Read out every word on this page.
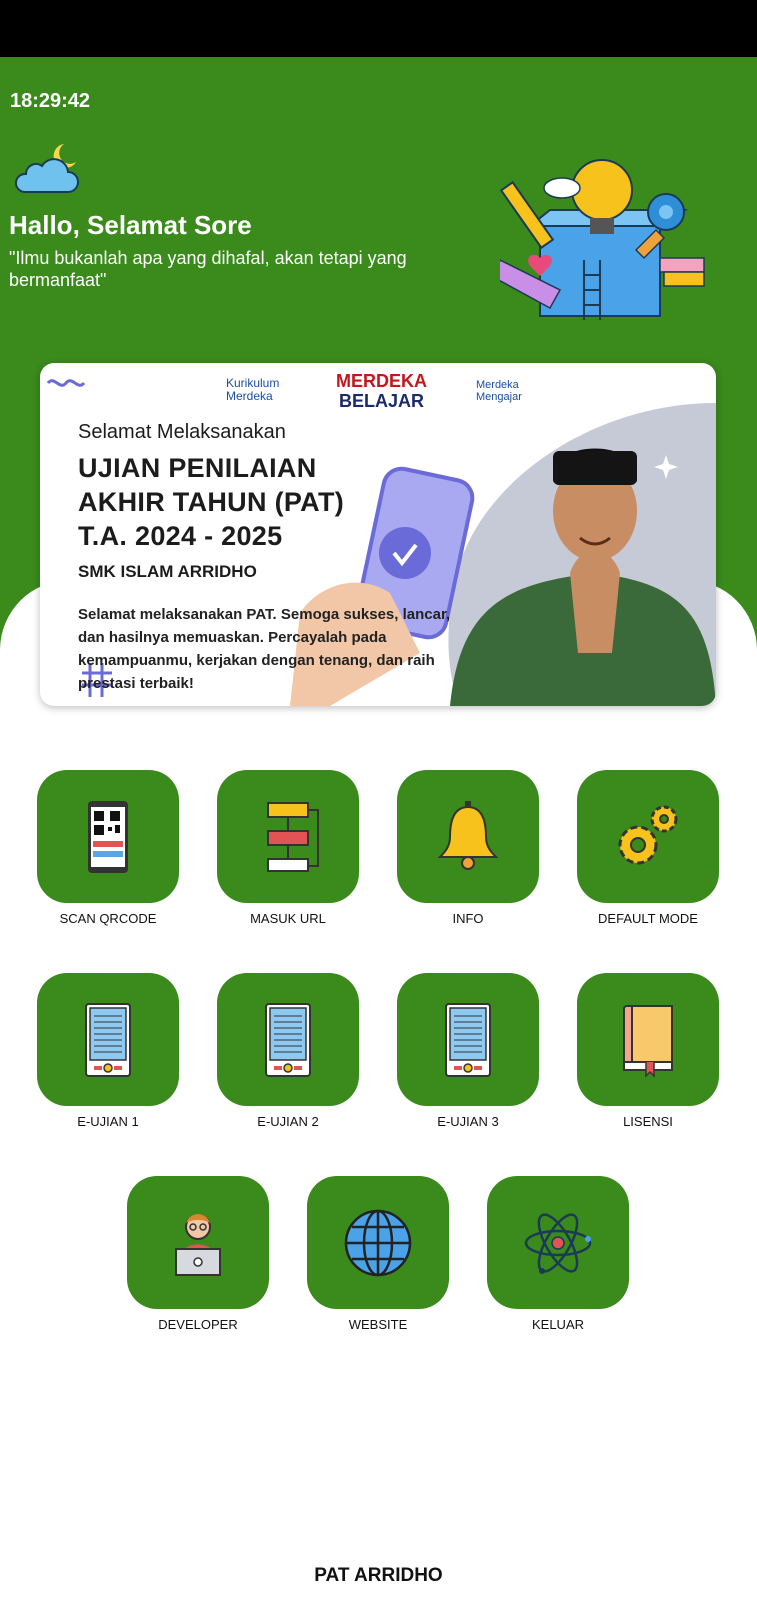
18:29:42
Hallo, Selamat Sore
"Ilmu bukanlah apa yang dihafal, akan tetapi yang bermanfaat"
Kurikulum Merdeka
MERDEKA
BELAJAR
Merdeka Mengajar
Selamat Melaksanakan
UJIAN PENILAIAN
AKHIR TAHUN (PAT)
T.A. 2024 - 2025
SMK ISLAM ARRIDHO
Selamat melaksanakan PAT. Semoga sukses, lancar, dan hasilnya memuaskan. Percayalah pada kemampuanmu, kerjakan dengan tenang, dan raih prestasi terbaik!
SCAN QRCODE	MASUK URL	INFO	DEFAULT MODE
E-UJIAN 1	E-UJIAN 2	E-UJIAN 3	LISENSI
DEVELOPER	WEBSITE	KELUAR
PAT ARRIDHO
